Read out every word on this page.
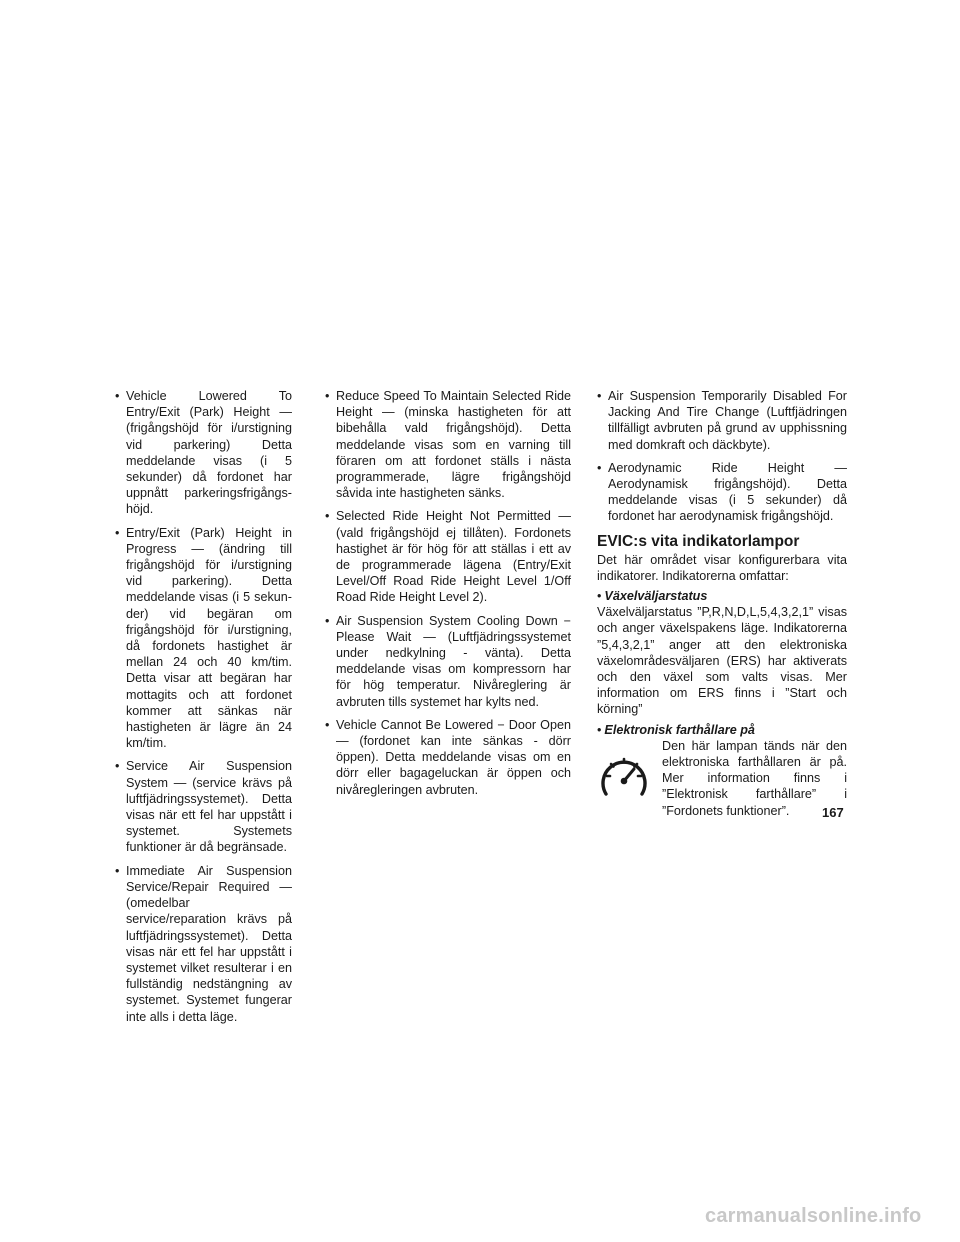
• Vehicle Lowered To Entry/Exit (Park) Height — (frigångshöjd för i/urstigning vid parkering) Detta meddelande visas (i 5 sekunder) då fordonet har uppnått parkeringsfrigångshöjd.
• Entry/Exit (Park) Height in Progress — (ändring till frigångshöjd för i/urstigning vid parkering). Detta meddelande visas (i 5 sekunder) vid begäran om frigångshöjd för i/urstigning, då fordonets hastighet är mellan 24 och 40 km/tim. Detta visar att begäran har mottagits och att fordonet kommer att sänkas när hastigheten är lägre än 24 km/tim.
• Service Air Suspension System — (service krävs på luftfjädringssystemet). Detta visas när ett fel har uppstått i systemet. Systemets funktioner är då begränsade.
• Immediate Air Suspension Service/Repair Required — (omedelbar service/reparation krävs på luftfjädringssystemet). Detta visas när ett fel har uppstått i systemet vilket resulterar i en fullständig nedstängning av systemet. Systemet fungerar inte alls i detta läge.
• Reduce Speed To Maintain Selected Ride Height — (minska hastigheten för att bibehålla vald frigångshöjd). Detta meddelande visas som en varning till föraren om att fordonet ställs i nästa programmerade, lägre frigångshöjd såvida inte hastigheten sänks.
• Selected Ride Height Not Permitted — (vald frigångshöjd ej tillåten). Fordonets hastighet är för hög för att ställas i ett av de programmerade lägena (Entry/Exit Level/Off Road Ride Height Level 1/Off Road Ride Height Level 2).
• Air Suspension System Cooling Down − Please Wait — (Luftfjädringssystemet under nedkylning - vänta). Detta meddelande visas om kompressorn har för hög temperatur. Nivåreglering är avbruten tills systemet har kylts ned.
• Vehicle Cannot Be Lowered − Door Open — (fordonet kan inte sänkas - dörr öppen). Detta meddelande visas om en dörr eller bagageluckan är öppen och nivåregleringen avbruten.
• Air Suspension Temporarily Disabled For Jacking And Tire Change (Luftfjädringen tillfälligt avbruten på grund av upphissning med domkraft och däckbyte).
• Aerodynamic Ride Height — Aerodynamisk frigångshöjd). Detta meddelande visas (i 5 sekunder) då fordonet har aerodynamisk frigångshöjd.
EVIC:s vita indikatorlampor
Det här området visar konfigurerbara vita indikatorer. Indikatorerna omfattar:
• Växelväljarstatus
Växelväljarstatus ”P,R,N,D,L,5,4,3,2,1” visas och anger växelspakens läge. Indikatorerna ”5,4,3,2,1” anger att den elektroniska växelområdesväljaren (ERS) har aktiverats och den växel som valts visas. Mer information om ERS finns i ”Start och körning”
• Elektronisk farthållare på
Den här lampan tänds när den elektroniska farthållaren är på. Mer information finns i ”Elektronisk farthållare” i ”Fordonets funktioner”.	167
carmanualsonline.info
